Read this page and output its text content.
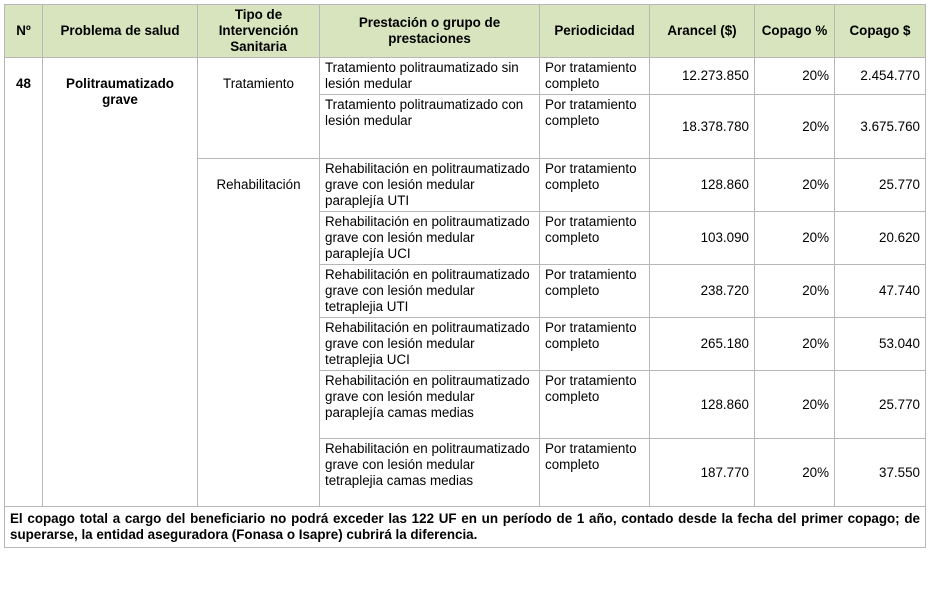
Nº	Problema de salud	Tipo de Intervención Sanitaria	Prestación o grupo de prestaciones	Periodicidad	Arancel ($)	Copago %	Copago $
48	Politraumatizado grave	Tratamiento	Tratamiento politraumatizado sin lesión medular	Por tratamiento completo	12.273.850	20%	2.454.770
			Tratamiento politraumatizado con lesión medular	Por tratamiento completo	18.378.780	20%	3.675.760
		Rehabilitación	Rehabilitación en politraumatizado grave con lesión medular paraplejía UTI	Por tratamiento completo	128.860	20%	25.770
			Rehabilitación en politraumatizado grave con lesión medular paraplejía UCI	Por tratamiento completo	103.090	20%	20.620
			Rehabilitación en politraumatizado grave con lesión medular tetraplejia UTI	Por tratamiento completo	238.720	20%	47.740
			Rehabilitación en politraumatizado grave con lesión medular tetraplejia UCI	Por tratamiento completo	265.180	20%	53.040
			Rehabilitación en politraumatizado grave con lesión medular paraplejía camas medias	Por tratamiento completo	128.860	20%	25.770
			Rehabilitación en politraumatizado grave con lesión medular tetraplejia camas medias	Por tratamiento completo	187.770	20%	37.550
El copago total a cargo del beneficiario no podrá exceder las 122 UF en un período de 1 año, contado desde la fecha del primer copago; de superarse, la entidad aseguradora (Fonasa o Isapre) cubrirá la diferencia.							
